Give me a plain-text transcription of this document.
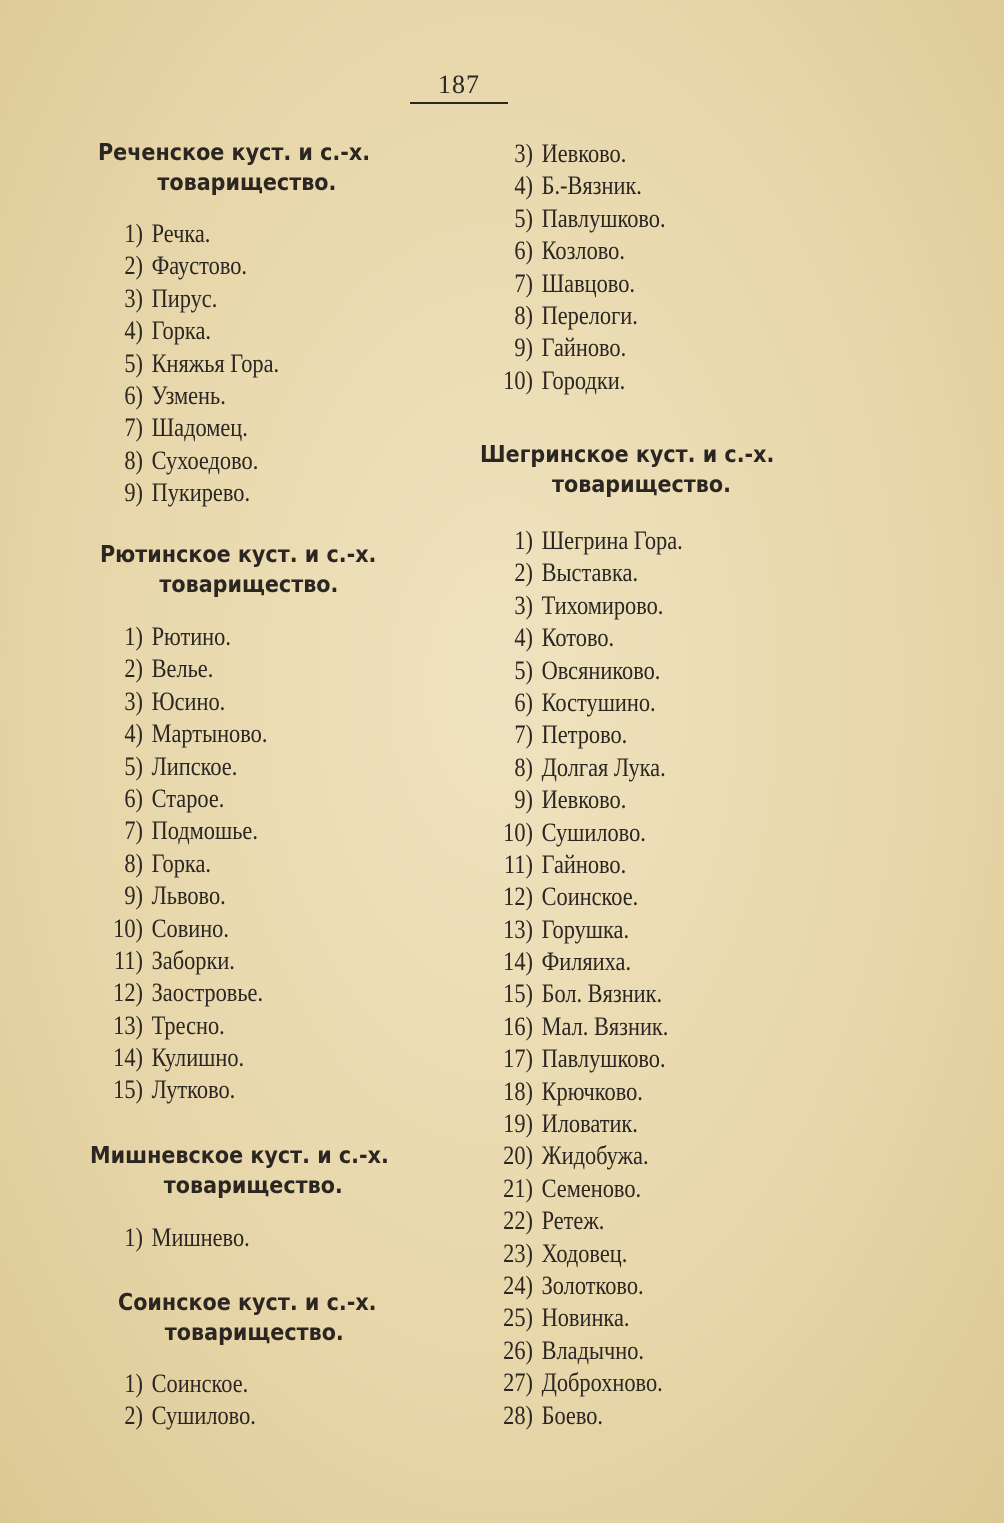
187
Реченское куст. и с.-х.
товарищество.
1) Речка.
2) Фаустово.
3) Пирус.
4) Горка.
5) Княжья Гора.
6) Узмень.
7) Шадомец.
8) Сухоедово.
9) Пукирево.
Рютинское куст. и с.-х.
товарищество.
1) Рютино.
2) Велье.
3) Юсино.
4) Мартыново.
5) Липское.
6) Старое.
7) Подмошье.
8) Горка.
9) Львово.
10) Совино.
11) Заборки.
12) Заостровье.
13) Тресно.
14) Кулишно.
15) Лутково.
Мишневское куст. и с.-х.
товарищество.
1) Мишнево.
Соинское куст. и с.-х.
товарищество.
1) Соинское.
2) Сушилово.
3) Иевково.
4) Б.-Вязник.
5) Павлушково.
6) Козлово.
7) Шавцово.
8) Перелоги.
9) Гайново.
10) Городки.
Шегринское куст. и с.-х.
товарищество.
1) Шегрина Гора.
2) Выставка.
3) Тихомирово.
4) Котово.
5) Овсяниково.
6) Костушино.
7) Петрово.
8) Долгая Лука.
9) Иевково.
10) Сушилово.
11) Гайново.
12) Соинское.
13) Горушка.
14) Филяиха.
15) Бол. Вязник.
16) Мал. Вязник.
17) Павлушково.
18) Крючково.
19) Иловатик.
20) Жидобужа.
21) Семеново.
22) Ретеж.
23) Ходовец.
24) Золотково.
25) Новинка.
26) Владычно.
27) Доброхново.
28) Боево.
